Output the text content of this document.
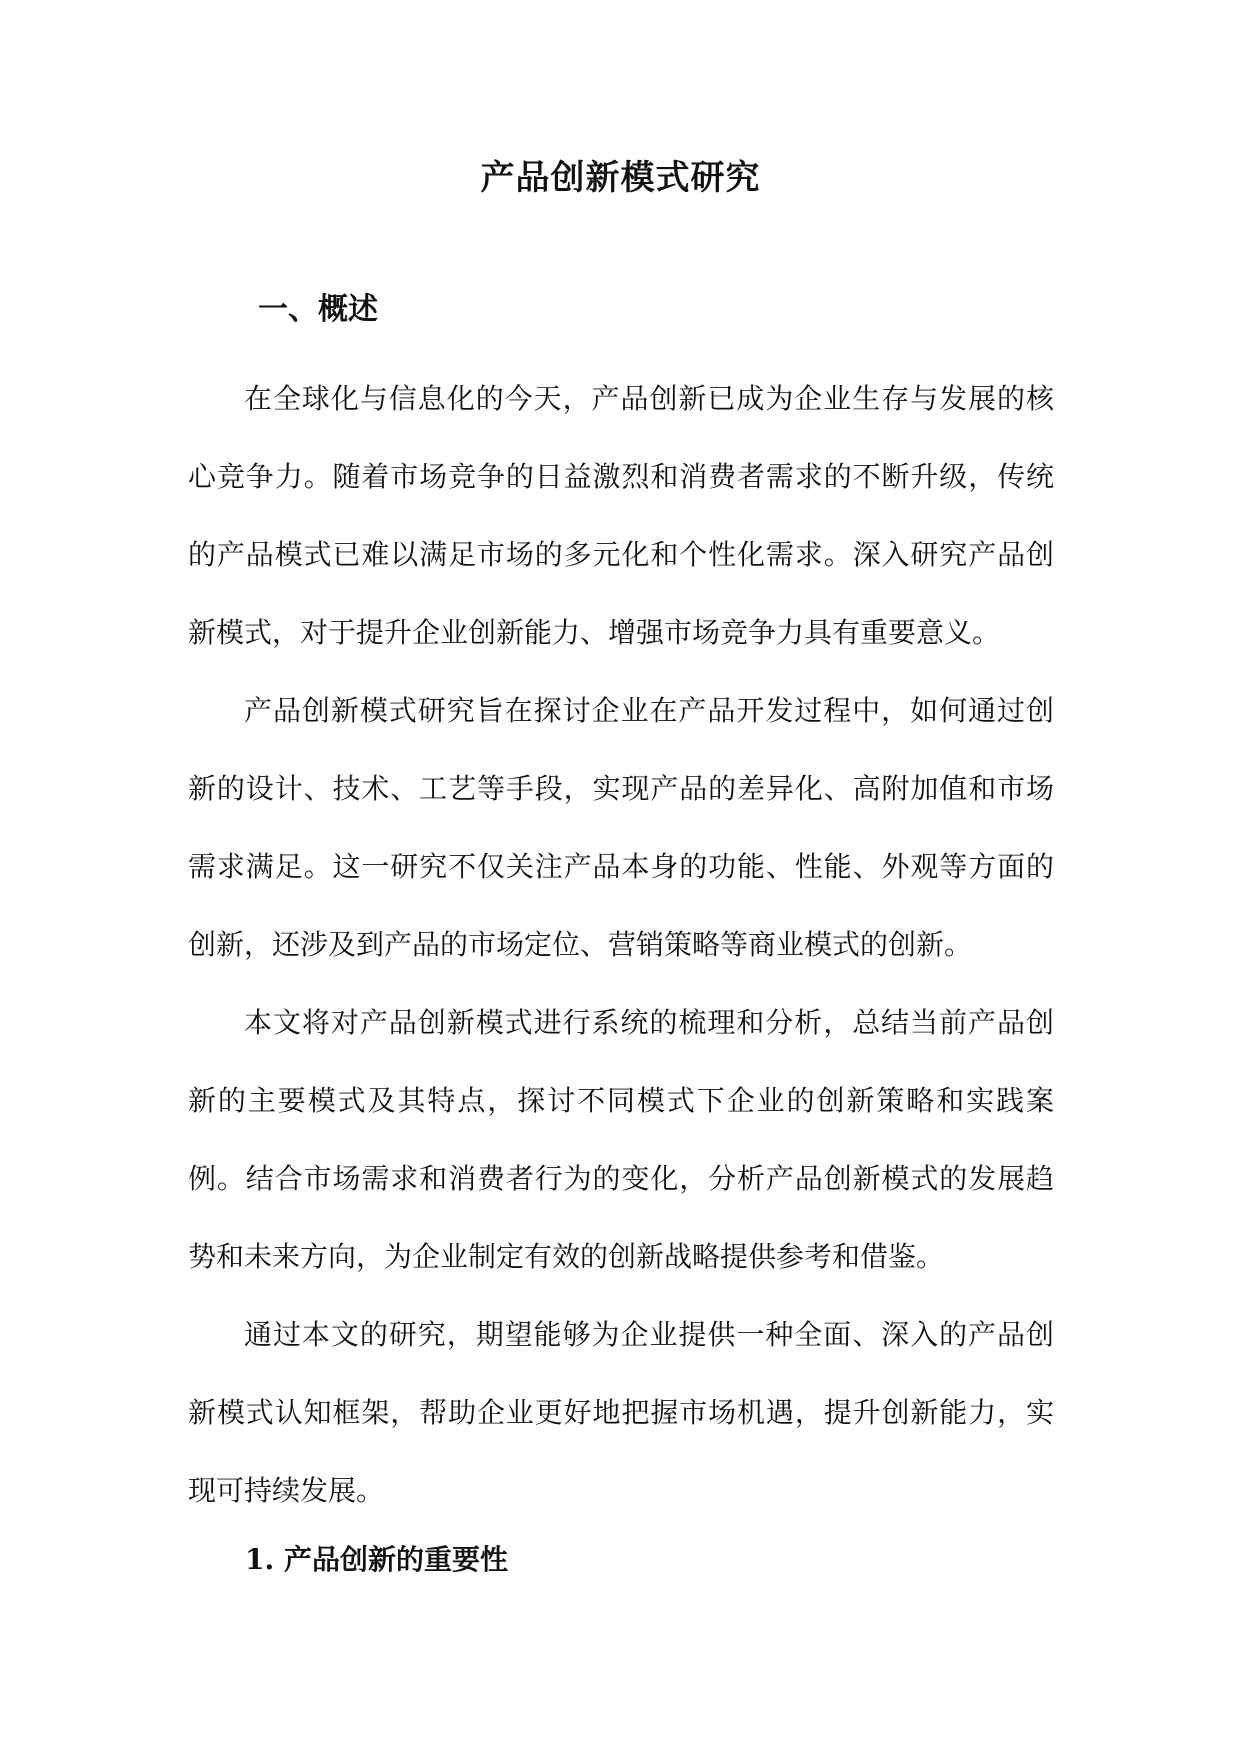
产品创新模式研究
一、概述

在全球化与信息化的今天，产品创新已成为企业生存与发展的核心竞争力。随着市场竞争的日益激烈和消费者需求的不断升级，传统的产品模式已难以满足市场的多元化和个性化需求。深入研究产品创新模式，对于提升企业创新能力、增强市场竞争力具有重要意义。

产品创新模式研究旨在探讨企业在产品开发过程中，如何通过创新的设计、技术、工艺等手段，实现产品的差异化、高附加值和市场需求满足。这一研究不仅关注产品本身的功能、性能、外观等方面的创新，还涉及到产品的市场定位、营销策略等商业模式的创新。

本文将对产品创新模式进行系统的梳理和分析，总结当前产品创新的主要模式及其特点，探讨不同模式下企业的创新策略和实践案例。结合市场需求和消费者行为的变化，分析产品创新模式的发展趋势和未来方向，为企业制定有效的创新战略提供参考和借鉴。

通过本文的研究，期望能够为企业提供一种全面、深入的产品创新模式认知框架，帮助企业更好地把握市场机遇，提升创新能力，实现可持续发展。

1. 产品创新的重要性
